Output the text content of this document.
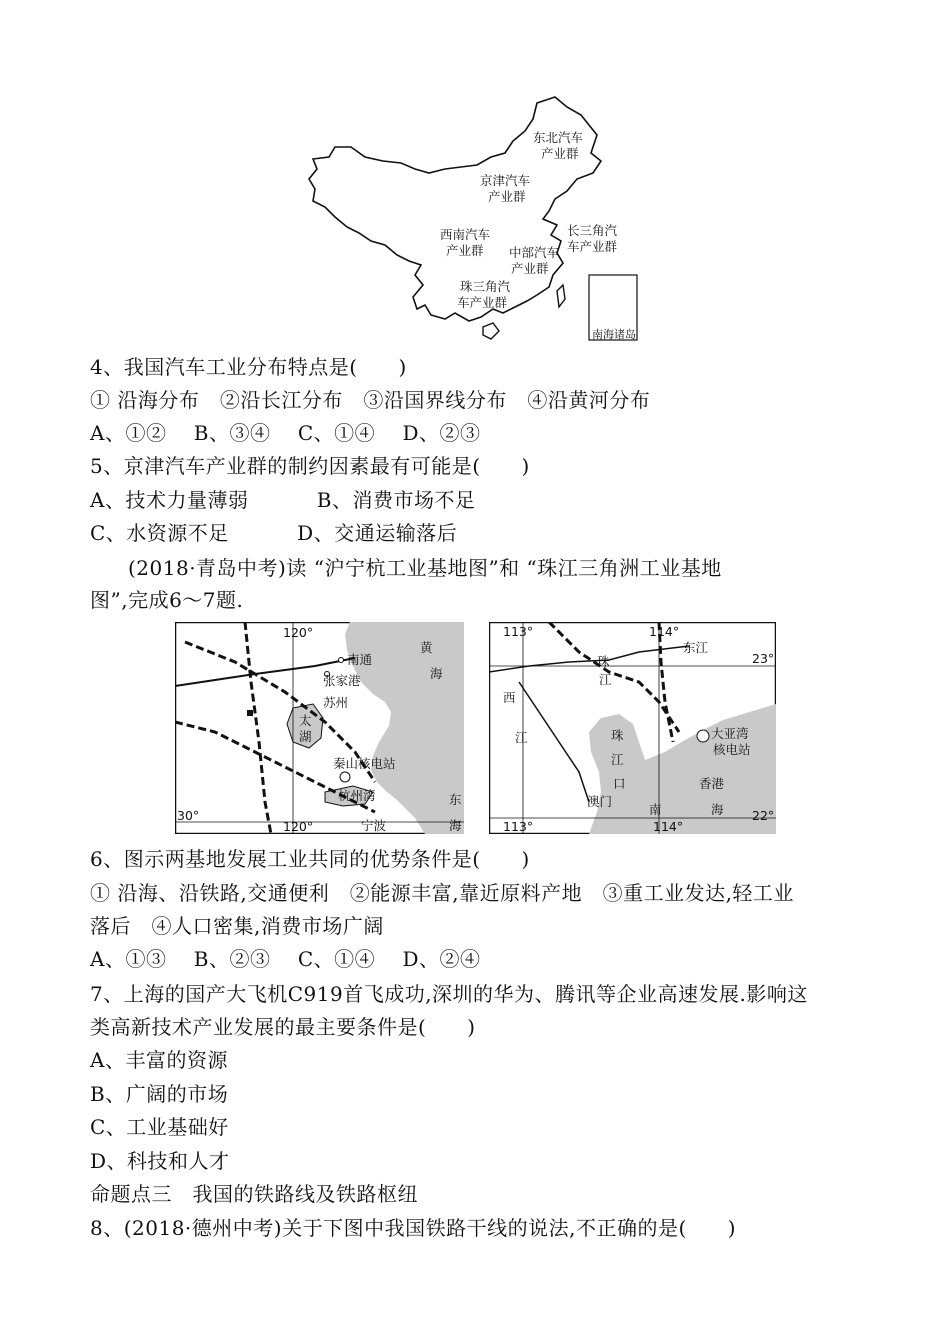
南海诸岛
东北汽车
产业群
京津汽车
产业群
西南汽车
产业群 中部汽车
产业群
长三角汽
车产业群
珠三角汽
车产业群
4、我国汽车工业分布特点是(　　)
① 沿海分布　②沿长江分布　③沿国界线分布　④沿黄河分布
A、①②　 B、③④　 C、①④　 D、②③
5、京津汽车产业群的制约因素最有可能是(　　)
A、技术力量薄弱　　　 B、消费市场不足
C、水资源不足　　　 D、交通运输落后
(2018·青岛中考)读 “沪宁杭工业基地图”和 “珠江三角洲工业基地
图”,完成6～7题.
120°
120°
30°
黄
海
南通
张家港
苏州
太
湖
秦山核电站
杭州湾
宁波
东
海
113°	114°
113°	114°
23°
22°
东江
珠
江
西
江	珠
江
口
澳门
香港
大亚湾
核电站
南	海
6、图示两基地发展工业共同的优势条件是(　　)
① 沿海、沿铁路,交通便利　②能源丰富,靠近原料产地　③重工业发达,轻工业
落后　④人口密集,消费市场广阔
A、①③　 B、②③　 C、①④　 D、②④
7、上海的国产大飞机C919首飞成功,深圳的华为、腾讯等企业高速发展.影响这
类高新技术产业发展的最主要条件是(　　)
A、丰富的资源
B、广阔的市场
C、工业基础好
D、科技和人才
命题点三　我国的铁路线及铁路枢纽
8、(2018·德州中考)关于下图中我国铁路干线的说法,不正确的是(　　)
